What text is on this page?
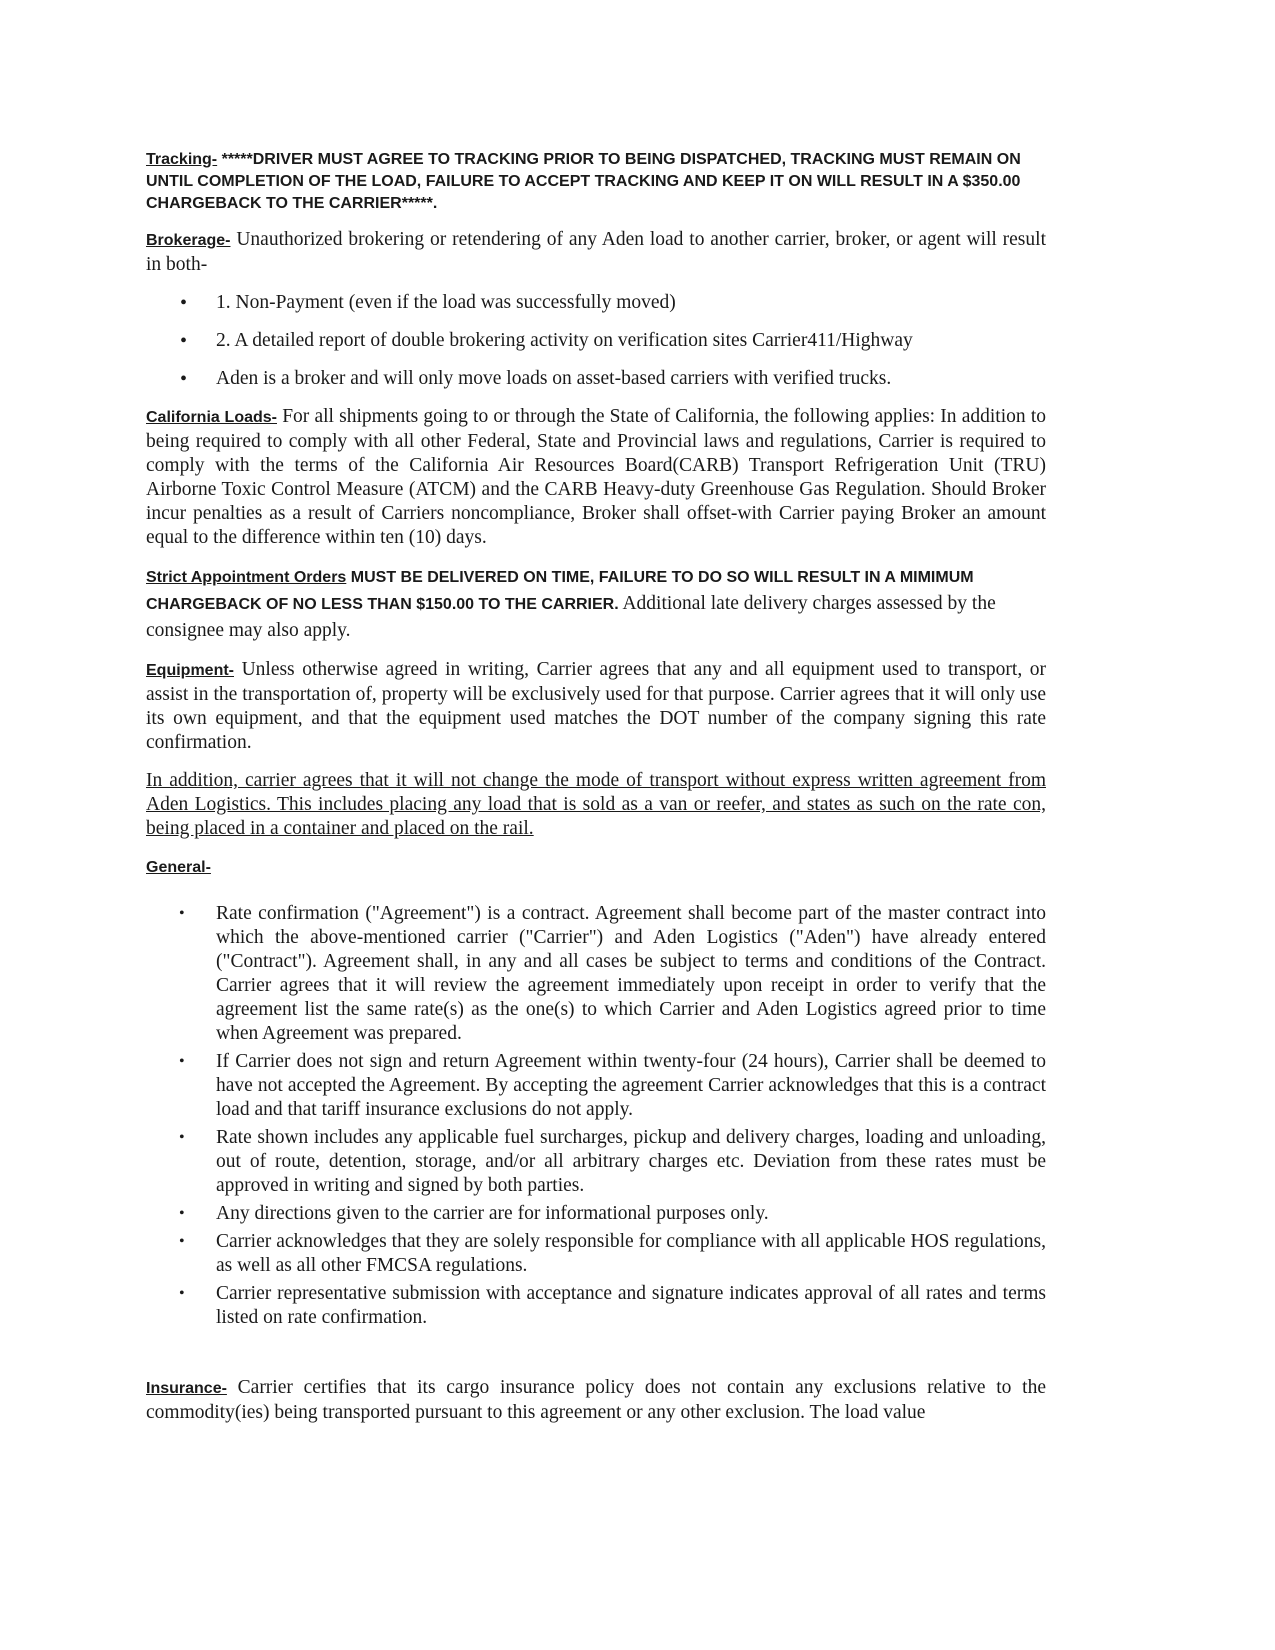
Tracking- *****DRIVER MUST AGREE TO TRACKING PRIOR TO BEING DISPATCHED, TRACKING MUST REMAIN ON UNTIL COMPLETION OF THE LOAD, FAILURE TO ACCEPT TRACKING AND KEEP IT ON WILL RESULT IN A $350.00 CHARGEBACK TO THE CARRIER*****.

Brokerage- Unauthorized brokering or retendering of any Aden load to another carrier, broker, or agent will result in both-

• 1. Non-Payment (even if the load was successfully moved)
• 2. A detailed report of double brokering activity on verification sites Carrier411/Highway
• Aden is a broker and will only move loads on asset-based carriers with verified trucks.

California Loads- For all shipments going to or through the State of California, the following applies: In addition to being required to comply with all other Federal, State and Provincial laws and regulations, Carrier is required to comply with the terms of the California Air Resources Board(CARB) Transport Refrigeration Unit (TRU) Airborne Toxic Control Measure (ATCM) and the CARB Heavy-duty Greenhouse Gas Regulation. Should Broker incur penalties as a result of Carriers noncompliance, Broker shall offset-with Carrier paying Broker an amount equal to the difference within ten (10) days.

Strict Appointment Orders MUST BE DELIVERED ON TIME, FAILURE TO DO SO WILL RESULT IN A MIMIMUM CHARGEBACK OF NO LESS THAN $150.00 TO THE CARRIER. Additional late delivery charges assessed by the consignee may also apply.

Equipment- Unless otherwise agreed in writing, Carrier agrees that any and all equipment used to transport, or assist in the transportation of, property will be exclusively used for that purpose. Carrier agrees that it will only use its own equipment, and that the equipment used matches the DOT number of the company signing this rate confirmation.

In addition, carrier agrees that it will not change the mode of transport without express written agreement from Aden Logistics. This includes placing any load that is sold as a van or reefer, and states as such on the rate con, being placed in a container and placed on the rail.

General-

• Rate confirmation ("Agreement") is a contract. Agreement shall become part of the master contract into which the above-mentioned carrier ("Carrier") and Aden Logistics ("Aden") have already entered ("Contract"). Agreement shall, in any and all cases be subject to terms and conditions of the Contract. Carrier agrees that it will review the agreement immediately upon receipt in order to verify that the agreement list the same rate(s) as the one(s) to which Carrier and Aden Logistics agreed prior to time when Agreement was prepared.
• If Carrier does not sign and return Agreement within twenty-four (24 hours), Carrier shall be deemed to have not accepted the Agreement. By accepting the agreement Carrier acknowledges that this is a contract load and that tariff insurance exclusions do not apply.
• Rate shown includes any applicable fuel surcharges, pickup and delivery charges, loading and unloading, out of route, detention, storage, and/or all arbitrary charges etc. Deviation from these rates must be approved in writing and signed by both parties.
• Any directions given to the carrier are for informational purposes only.
• Carrier acknowledges that they are solely responsible for compliance with all applicable HOS regulations, as well as all other FMCSA regulations.
• Carrier representative submission with acceptance and signature indicates approval of all rates and terms listed on rate confirmation.

Insurance- Carrier certifies that its cargo insurance policy does not contain any exclusions relative to the commodity(ies) being transported pursuant to this agreement or any other exclusion. The load value
